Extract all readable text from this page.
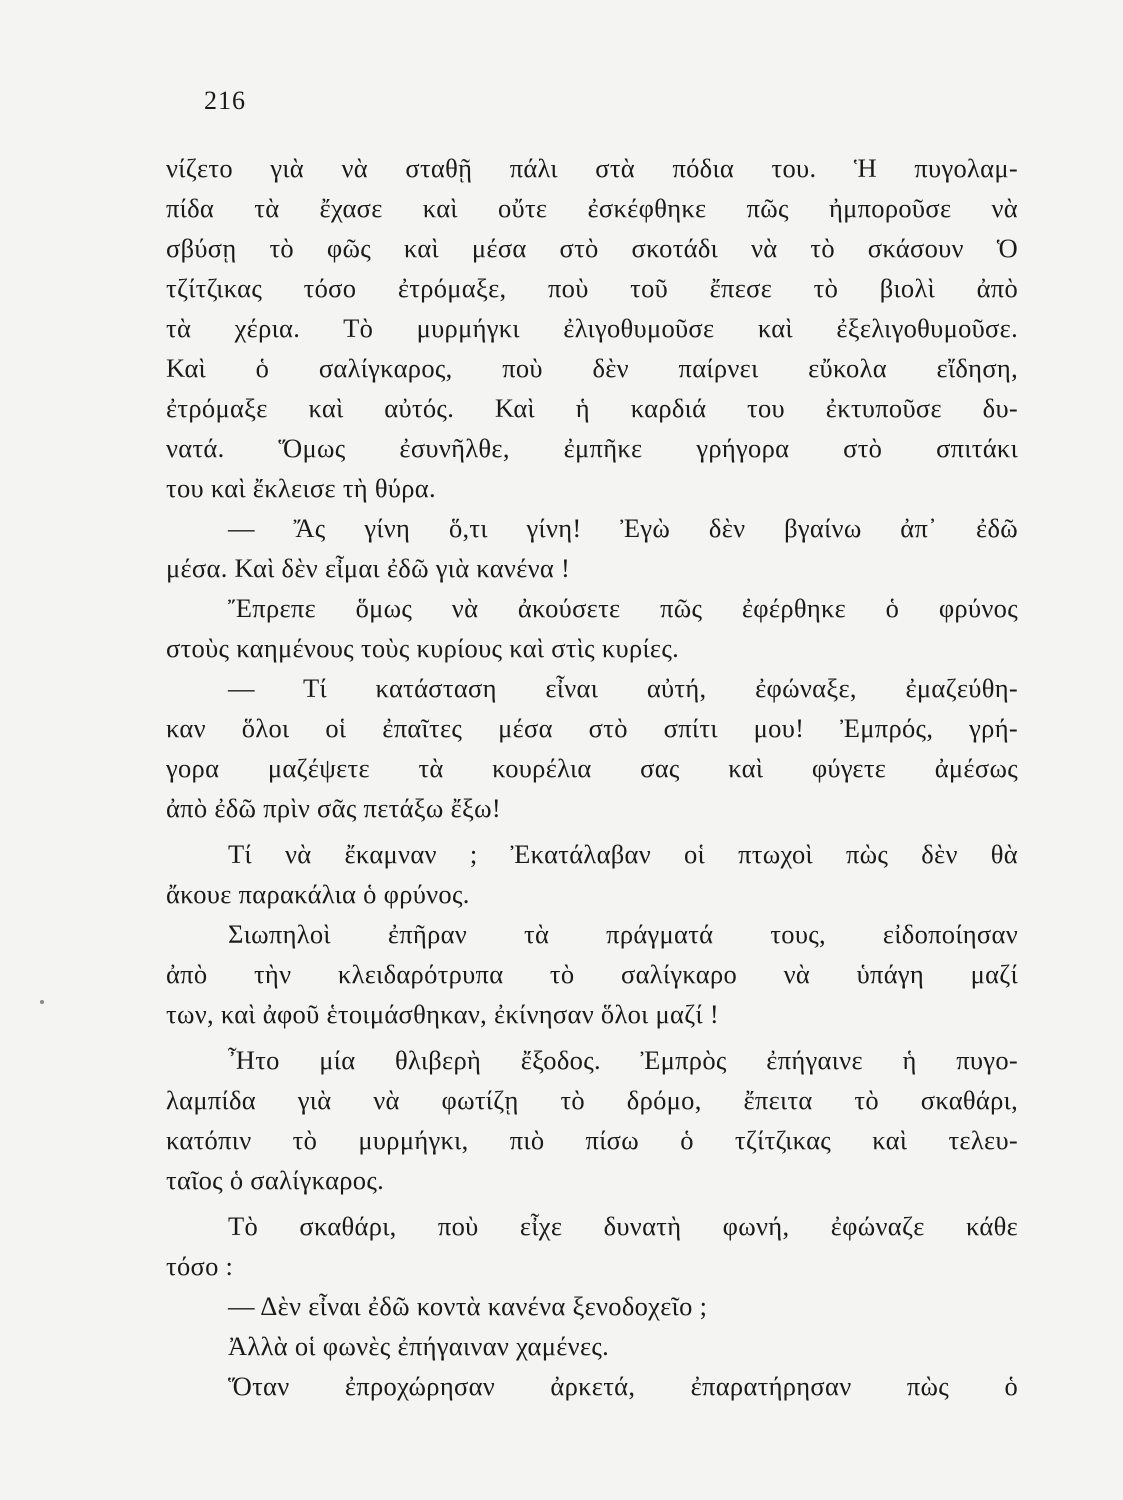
216
νίζετο γιὰ νὰ σταθῇ πάλι στὰ πόδια του. Ἡ πυγολαμ-
πίδα τὰ ἔχασε καὶ οὔτε ἐσκέφθηκε πῶς ἠμποροῦσε νὰ
σβύσῃ τὸ φῶς καὶ μέσα στὸ σκοτάδι νὰ τὸ σκάσουν Ὁ
τζίτζικας τόσο ἐτρόμαξε, ποὺ τοῦ ἔπεσε τὸ βιολὶ ἀπὸ
τὰ χέρια. Τὸ μυρμήγκι ἐλιγοθυμοῦσε καὶ ἐξελιγοθυμοῦσε.
Καὶ ὁ σαλίγκαρος, ποὺ δὲν παίρνει εὔκολα εἴδηση,
ἐτρόμαξε καὶ αὐτός. Καὶ ἡ καρδιά του ἐκτυποῦσε δυ-
νατά. Ὅμως ἐσυνῆλθε, ἐμπῆκε γρήγορα στὸ σπιτάκι
του καὶ ἔκλεισε τὴ θύρα.
— Ἄς γίνη ὅ,τι γίνη! Ἐγὼ δὲν βγαίνω ἀπ᾽ ἐδῶ
μέσα. Καὶ δὲν εἶμαι ἐδῶ γιὰ κανένα !
Ἔπρεπε ὅμως νὰ ἀκούσετε πῶς ἐφέρθηκε ὁ φρύνος
στοὺς καημένους τοὺς κυρίους καὶ στὶς κυρίες.
— Τί κατάσταση εἶναι αὐτή, ἐφώναξε, ἐμαζεύθη-
καν ὅλοι οἱ ἐπαῖτες μέσα στὸ σπίτι μου! Ἐμπρός, γρή-
γορα μαζέψετε τὰ κουρέλια σας καὶ φύγετε ἀμέσως
ἀπὸ ἐδῶ πρὶν σᾶς πετάξω ἔξω!
Τί νὰ ἔκαμναν ; Ἐκατάλαβαν οἱ πτωχοὶ πὼς δὲν θὰ
ἄκουε παρακάλια ὁ φρύνος.
Σιωπηλοὶ ἐπῆραν τὰ πράγματά τους, εἰδοποίησαν
ἀπὸ τὴν κλειδαρότρυπα τὸ σαλίγκαρο νὰ ὑπάγη μαζί
των, καὶ ἀφοῦ ἑτοιμάσθηκαν, ἐκίνησαν ὅλοι μαζί !
Ἦτο μία θλιβερὴ ἔξοδος. Ἐμπρὸς ἐπήγαινε ἡ πυγο-
λαμπίδα γιὰ νὰ φωτίζῃ τὸ δρόμο, ἔπειτα τὸ σκαθάρι,
κατόπιν τὸ μυρμήγκι, πιὸ πίσω ὁ τζίτζικας καὶ τελευ-
ταῖος ὁ σαλίγκαρος.
Τὸ σκαθάρι, ποὺ εἶχε δυνατὴ φωνή, ἐφώναζε κάθε
τόσο :
— Δὲν εἶναι ἐδῶ κοντὰ κανένα ξενοδοχεῖο ;
Ἀλλὰ οἱ φωνὲς ἐπήγαιναν χαμένες.
Ὅταν ἐπροχώρησαν ἀρκετά, ἐπαρατήρησαν πὼς ὁ
